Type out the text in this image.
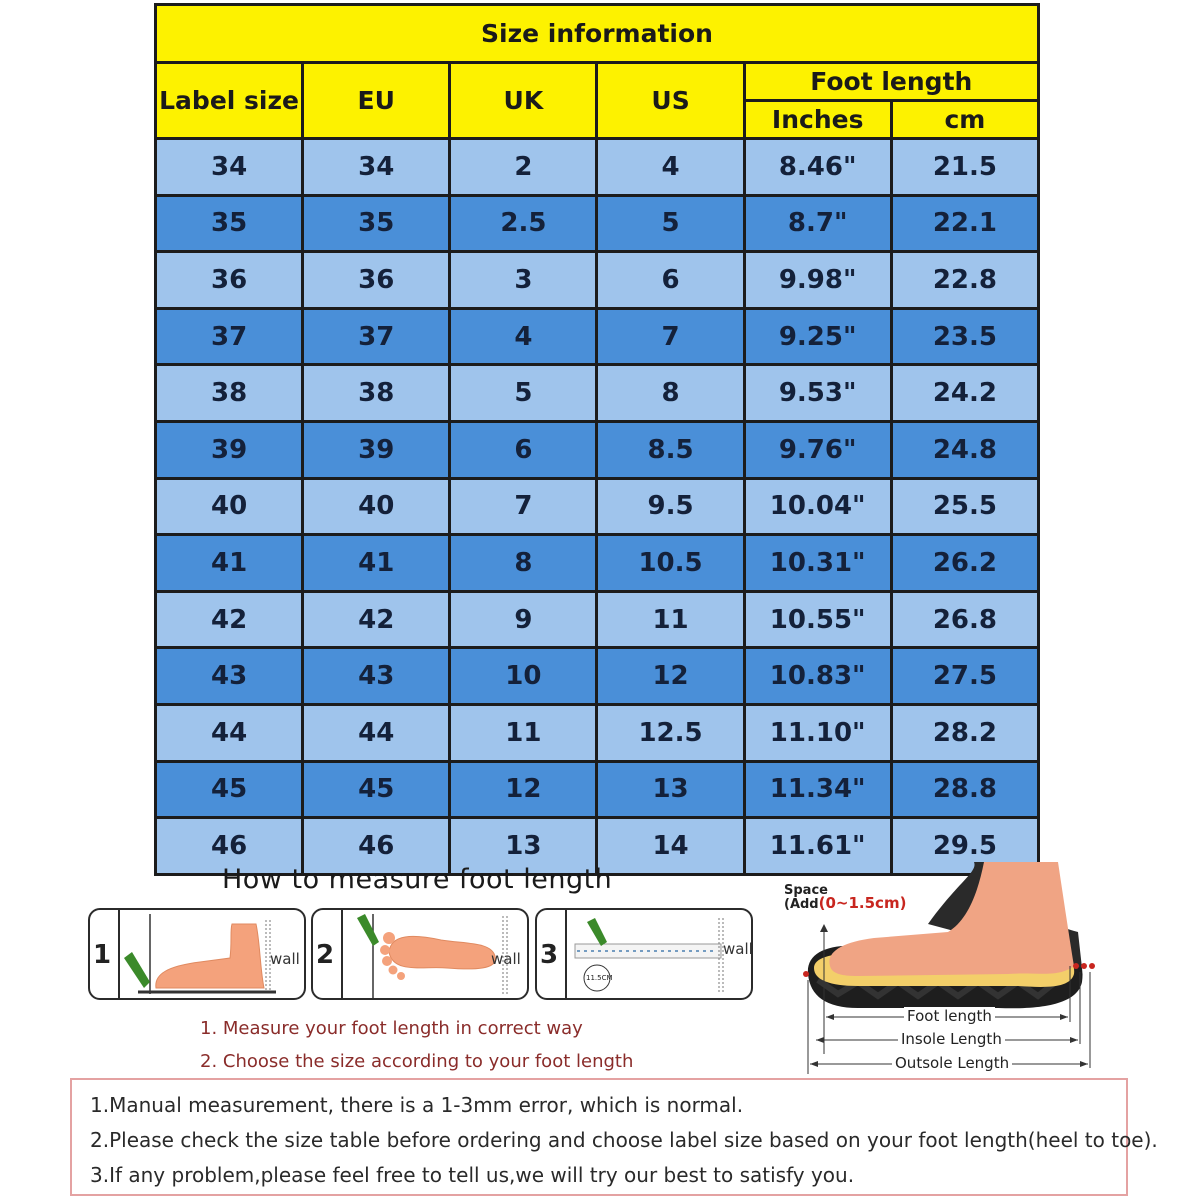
Size information					
Label size	EU	UK	US	Foot length	
				Inches	cm
34	34	2	4	8.46"	21.5
35	35	2.5	5	8.7"	22.1
36	36	3	6	9.98"	22.8
37	37	4	7	9.25"	23.5
38	38	5	8	9.53"	24.2
39	39	6	8.5	9.76"	24.8
40	40	7	9.5	10.04"	25.5
41	41	8	10.5	10.31"	26.2
42	42	9	11	10.55"	26.8
43	43	10	12	10.83"	27.5
44	44	11	12.5	11.10"	28.2
45	45	12	13	11.34"	28.8
46	46	13	14	11.61"	29.5
How to measure foot length
1	wall 2	wall 3
11.5CM
wall
1. Measure your foot length in correct way
2. Choose the size according to your foot length
Space
(Add(0~1.5cm)
Foot length
Insole Length
Outsole Length

1.Manual measurement, there is a 1-3mm error, which is normal.

2.Please check the size table before ordering and choose label size based on your foot length(heel to toe).

3.If any problem,please feel free to tell us,we will try our best to satisfy you.
